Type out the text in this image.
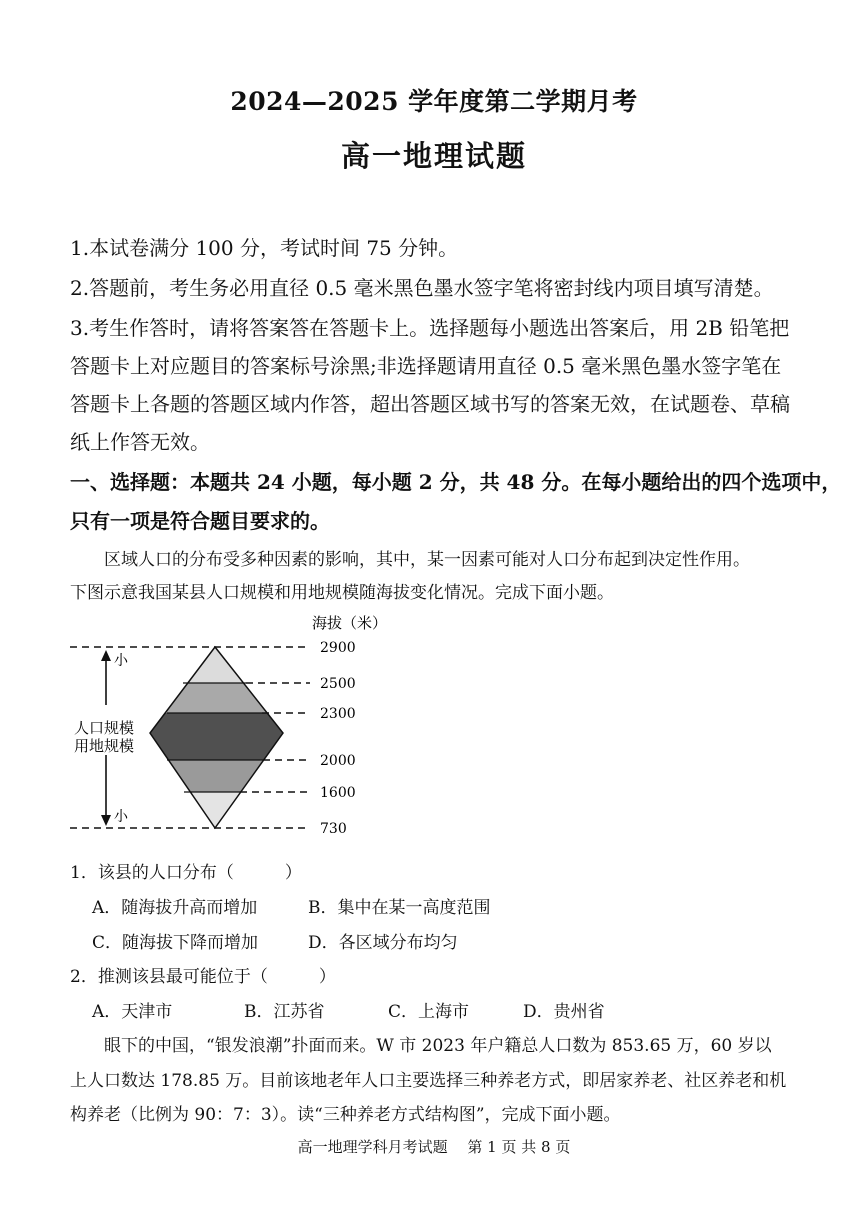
2024—2025 学年度第二学期月考
高一地理试题
1.本试卷满分 100 分，考试时间 75 分钟。
2.答题前，考生务必用直径 0.5 毫米黑色墨水签字笔将密封线内项目填写清楚。
3.考生作答时，请将答案答在答题卡上。选择题每小题选出答案后，用 2B 铅笔把
答题卡上对应题目的答案标号涂黑;非选择题请用直径 0.5 毫米黑色墨水签字笔在
答题卡上各题的答题区域内作答，超出答题区域书写的答案无效，在试题卷、草稿
纸上作答无效。
一、选择题：本题共 24 小题，每小题 2 分，共 48 分。在每小题给出的四个选项中，
只有一项是符合题目要求的。
区域人口的分布受多种因素的影响，其中，某一因素可能对人口分布起到决定性作用。
下图示意我国某县人口规模和用地规模随海拔变化情况。完成下面小题。
海拔（米）
2900
2500
2300
2000
1600
730
小
小
人口规模
用地规模
1．该县的人口分布（　　　）
A．随海拔升高而增加	B．集中在某一高度范围
C．随海拔下降而增加	D．各区域分布均匀
2．推测该县最可能位于（　　　）
A．天津市	B．江苏省	C．上海市	D．贵州省
眼下的中国，“银发浪潮”扑面而来。W 市 2023 年户籍总人口数为 853.65 万，60 岁以
上人口数达 178.85 万。目前该地老年人口主要选择三种养老方式，即居家养老、社区养老和机
构养老（比例为 90：7：3）。读“三种养老方式结构图”，完成下面小题。
高一地理学科月考试题　 第 1 页 共 8 页
